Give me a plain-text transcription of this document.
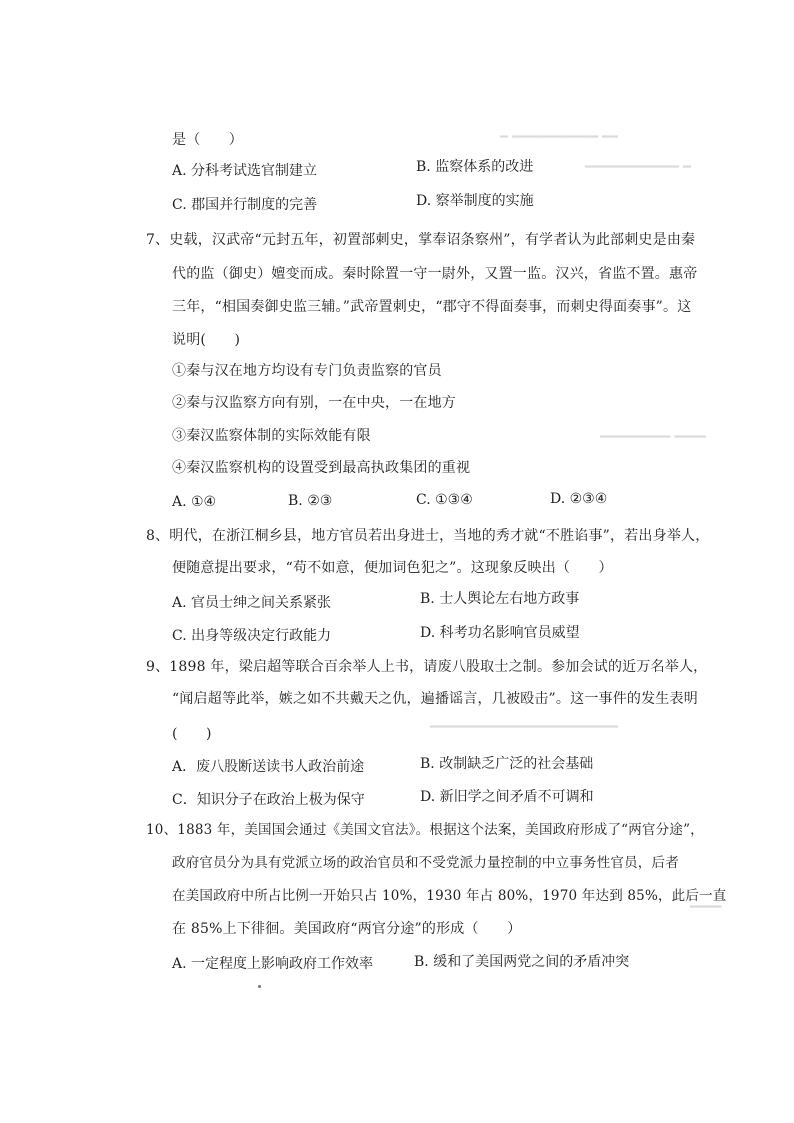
━ ━━━━━━━━━━━ ━━
━━━━━━━━━━━━ ━
━━━━━━━━━ ━━━━
━━━━━━━━━━━━━━━━━━━━━━━━
━━━━
是（　　）
A. 分科考试选官制建立	B. 监察体系的改进
C. 郡国并行制度的完善	D. 察举制度的实施
7、史载，汉武帝“元封五年，初置部刺史，掌奉诏条察州”，有学者认为此部刺史是由秦
代的监（御史）嬗变而成。秦时除置一守一尉外，又置一监。汉兴，省监不置。惠帝
三年，“相国奏御史监三辅。”武帝置刺史，“郡守不得面奏事，而刺史得面奏事”。这
说明(　　)
①秦与汉在地方均设有专门负责监察的官员
②秦与汉监察方向有别，一在中央，一在地方
③秦汉监察体制的实际效能有限
④秦汉监察机构的设置受到最高执政集团的重视
A. ①④	B. ②③	C. ①③④	D. ②③④
8、明代，在浙江桐乡县，地方官员若出身进士，当地的秀才就“不胜谄事”，若出身举人，
便随意提出要求，“苟不如意，便加词色犯之”。这现象反映出（　　）
A. 官员士绅之间关系紧张	B. 士人舆论左右地方政事
C. 出身等级决定行政能力	D. 科考功名影响官员威望
9、1898 年，梁启超等联合百余举人上书，请废八股取士之制。参加会试的近万名举人，
“闻启超等此举，嫉之如不共戴天之仇，遍播谣言，几被殴击”。这一事件的发生表明
(　　)
A．废八股断送读书人政治前途	B. 改制缺乏广泛的社会基础
C．知识分子在政治上极为保守	D. 新旧学之间矛盾不可调和
10、1883 年，美国国会通过《美国文官法》。根据这个法案，美国政府形成了“两官分途”，
政府官员分为具有党派立场的政治官员和不受党派力量控制的中立事务性官员，后者
在美国政府中所占比例一开始只占 10%，1930 年占 80%，1970 年达到 85%，此后一直
在 85%上下徘徊。美国政府“两官分途”的形成（　　）
A. 一定程度上影响政府工作效率	B. 缓和了美国两党之间的矛盾冲突
